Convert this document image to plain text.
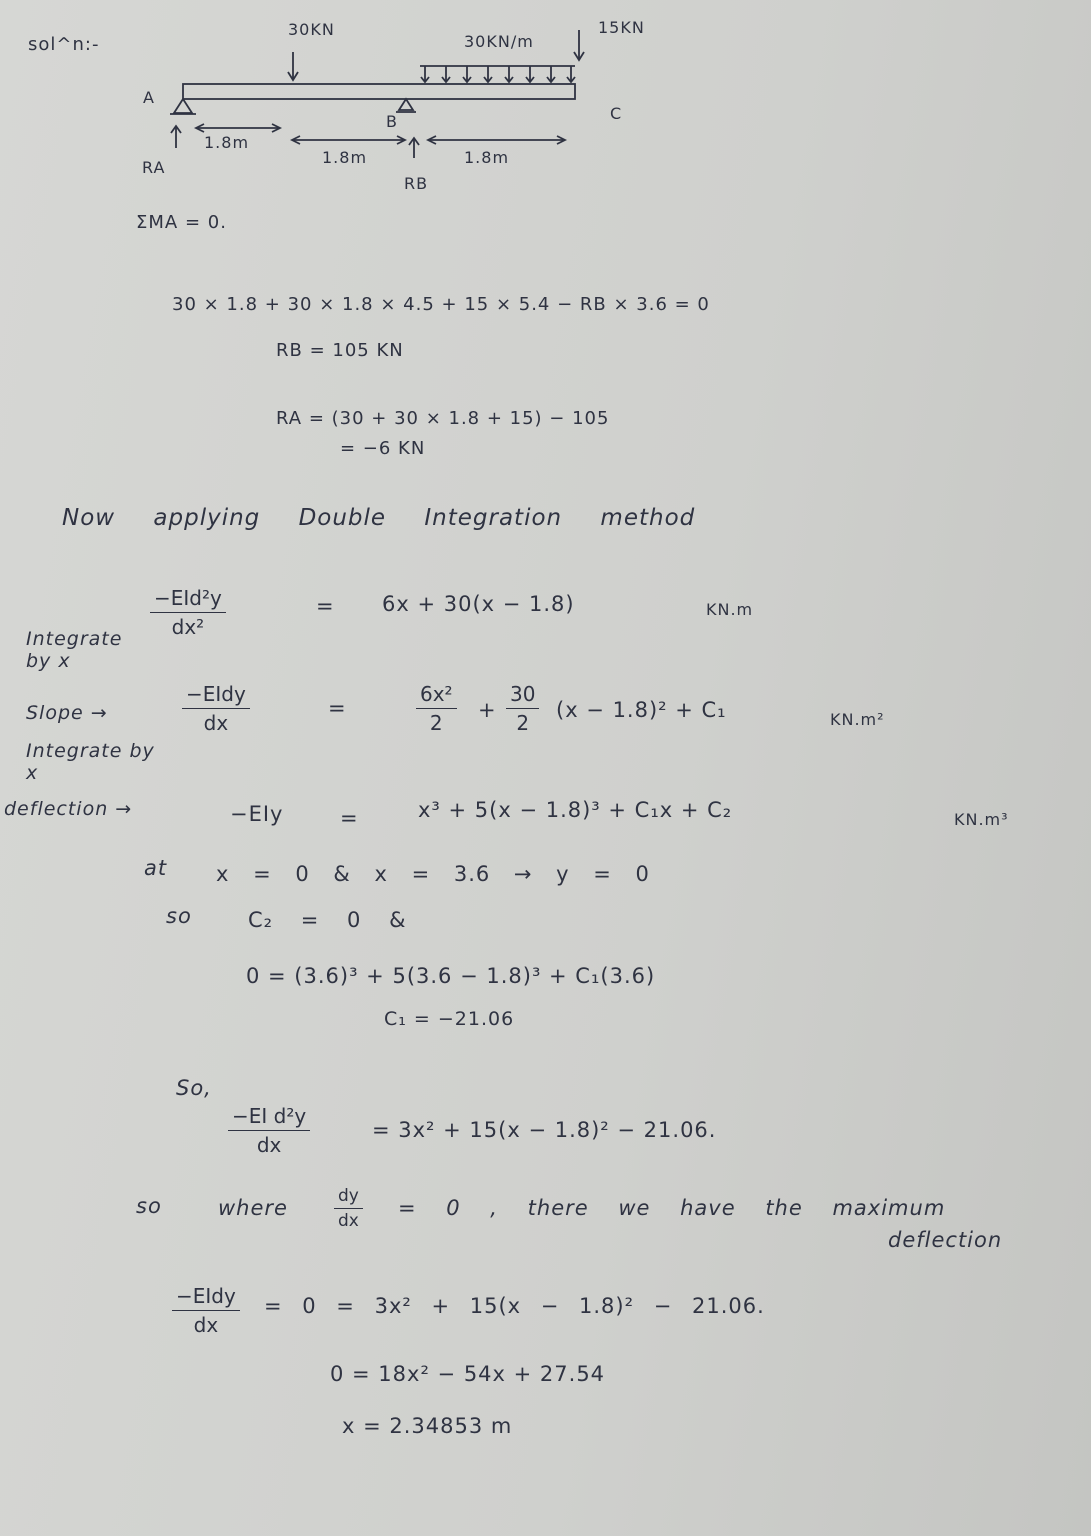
sol^n:-
30KN
30KN/m
15KN
A
B	C
1.8m
1.8m	1.8m
RA
RB
ΣMA = 0.
30 × 1.8 + 30 × 1.8 × 4.5 + 15 × 5.4 − RB × 3.6 = 0
RB = 105 KN
RA = (30 + 30 × 1.8 + 15) − 105
= −6 KN
Now applying Double Integration method
−EId²y
dx²
= 6x + 30(x − 1.8)	KN.m
Integrate by x
Slope →
−EIdy
dx
=	$\frac{\text{6x²}}{2} + \frac{30}{2} (x - 1.8)^2 + C_1$	KN.m²
Integrate by x
deflection →	−EIy	=	x³ + 5(x − 1.8)³ + C₁x + C₂	KN.m³
at x = 0 & x = 3.6 → y = 0
so	C₂ = 0 &
0 = (3.6)³ + 5(3.6 − 1.8)³ + C₁(3.6)
C₁ = −21.06
So,
$\frac{\text{−EI d²y}}{dx}$	= 3x² + 15(x − 1.8)² − 21.06.
so	where	$\frac{dy}{dx} = 0$ , there we have the maximum
deflection
−EIdy
dx
= 0 = 3x² + 15(x − 1.8)² − 21.06.
0 = 18x² − 54x + 27.54
x = 2.34853 m
